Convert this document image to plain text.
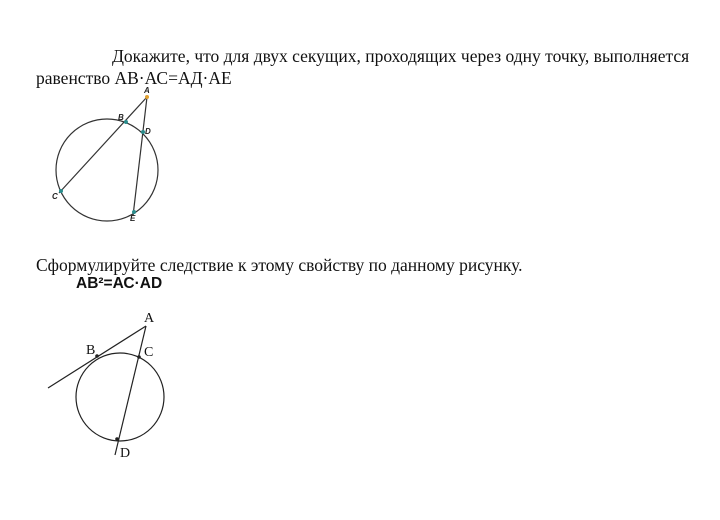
Докажите, что для двух секущих, проходящих через одну точку, выполняется
равенство АВ·АС=АД·АЕ
A
B
C
D
E
A
B	C
D
Сформулируйте следствие к этому свойству по данному рисунку.
АВ²=АС·АD
